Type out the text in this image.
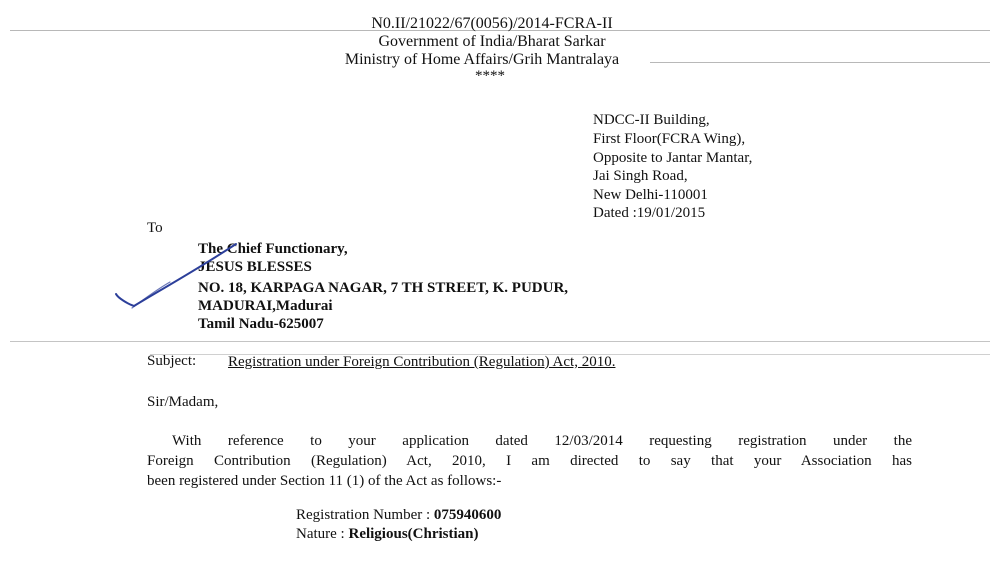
N0.II/21022/67(0056)/2014-FCRA-II
Government of India/Bharat Sarkar
Ministry of Home Affairs/Grih Mantralaya
****
NDCC-II Building,
First Floor(FCRA Wing),
Opposite to Jantar Mantar,
Jai Singh Road,
New Delhi-110001
Dated :19/01/2015
To
The Chief Functionary,
JESUS BLESSES
NO. 18, KARPAGA NAGAR, 7 TH STREET, K. PUDUR,
MADURAI,Madurai
Tamil Nadu-625007
Subject: Registration under Foreign Contribution (Regulation) Act, 2010.
Sir/Madam,
With reference to your application dated 12/03/2014 requesting registration under the
Foreign Contribution (Regulation) Act, 2010, I am directed to say that your Association has
been registered under Section 11 (1) of the Act as follows:-
Registration Number : 075940600
Nature : Religious(Christian)
